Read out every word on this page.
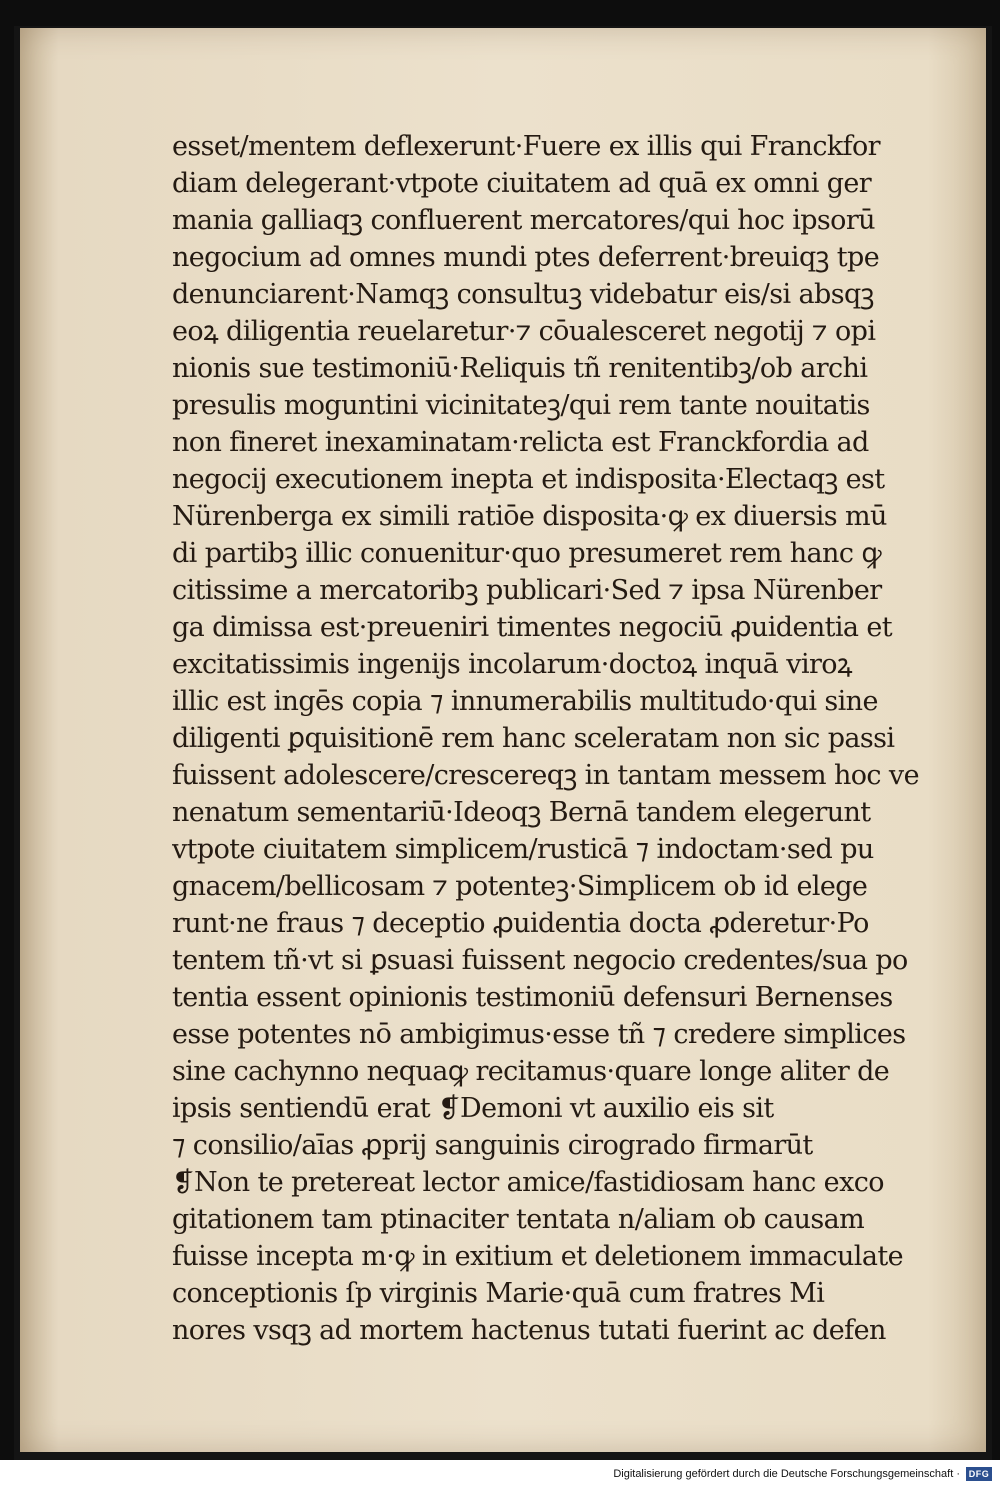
esset/mentem deflexerunt·Fuere ex illis qui Franckfor
diam delegerant·vtpote ciuitatem ad quā ex omni ger
mania galliaqꝫ confluerent mercatores/qui hoc ipsorū
negocium ad omnes mundi ptes deferrent·breuiqꝫ tpe
denunciarent·Namqꝫ consultuꝫ videbatur eis/si absqꝫ
eoꝝ diligentia reuelaretur·⁊ cōualesceret negotij ⁊ opi
nionis sue testimoniū·Reliquis tñ renitentibꝫ/ob archi
presulis moguntini vicinitateꝫ/qui rem tante nouitatis
non fineret inexaminatam·relicta est Franckfordia ad
negocij executionem inepta et indisposita·Electaqꝫ est
Nürenberga ex simili ratiōe disposita·ꝙ ex diuersis mū
di partibꝫ illic conuenitur·quo presumeret rem hanc ꝙ
citissime a mercatoribꝫ publicari·Sed ⁊ ipsa Nürenber
ga dimissa est·preueniri timentes negociū ꝓuidentia et
excitatissimis ingenijs incolarum·doctoꝝ inquā viroꝝ
illic est ingēs copia ⁊ innumerabilis multitudo·qui sine
diligenti ꝑquisitionē rem hanc sceleratam non sic passi
fuissent adolescere/crescereqꝫ in tantam messem hoc ve
nenatum sementariū·Ideoqꝫ Bernā tandem elegerunt
vtpote ciuitatem simplicem/rusticā ⁊ indoctam·sed pu
gnacem/bellicosam ⁊ potenteꝫ·Simplicem ob id elege
runt·ne fraus ⁊ deceptio ꝓuidentia docta ꝓderetur·Po
tentem tñ·vt si ꝑsuasi fuissent negocio credentes/sua po
tentia essent opinionis testimoniū defensuri Bernenses
esse potentes nō ambigimus·esse tñ ⁊ credere simplices
sine cachynno nequaꝙ recitamus·quare longe aliter de
ipsis sentiendū erat ❡Demoni vt auxilio eis sit
⁊ consilio/aīas ꝓprij sanguinis cirogrado firmarūt
❡Non te pretereat lector amice/fastidiosam hanc exco
gitationem tam ptinaciter tentata n/aliam ob causam
fuisse incepta m·ꝙ in exitium et deletionem immaculate
conceptionis ſp virginis Marie·quā cum fratres Mi
nores vsqꝫ ad mortem hactenus tutati fuerint ac defen
Digitalisierung gefördert durch die Deutsche Forschungsgemeinschaft · DFG
